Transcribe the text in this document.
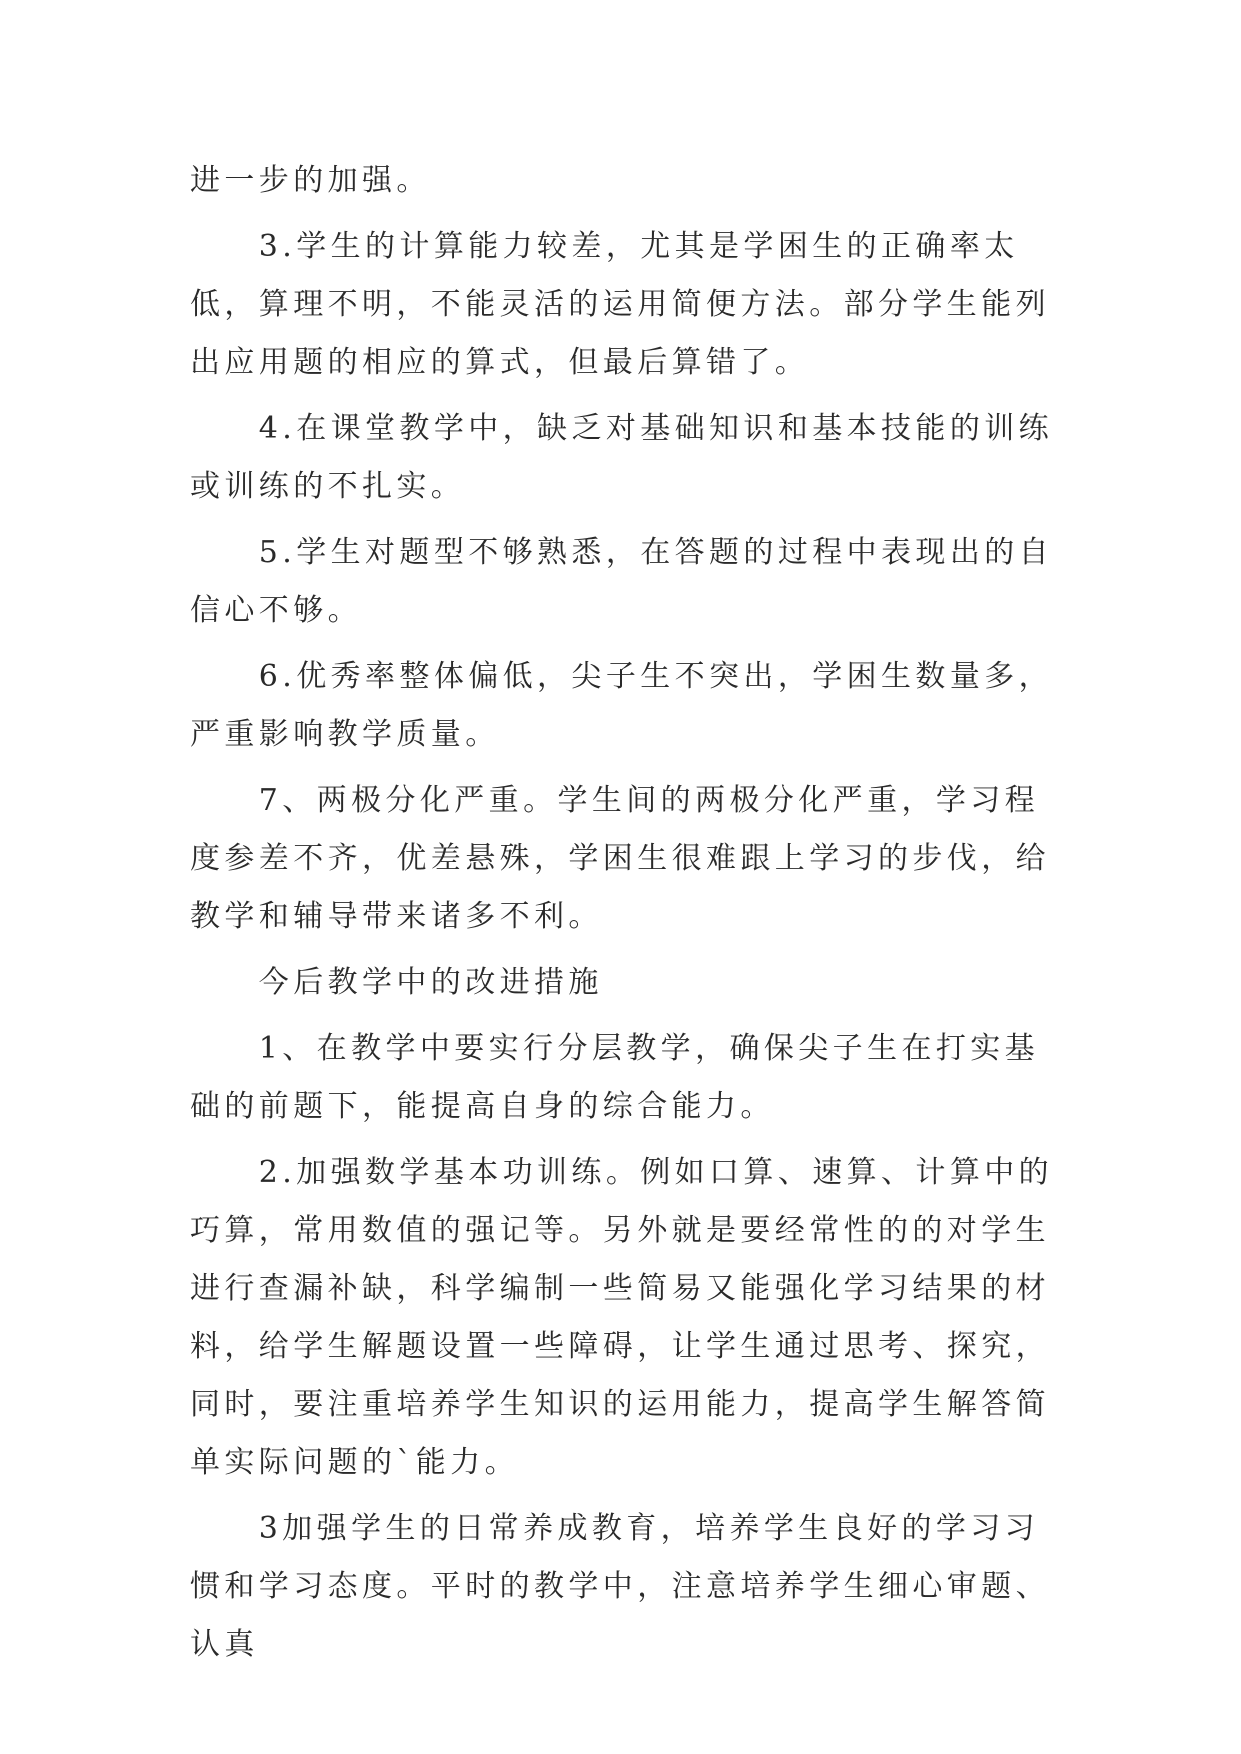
进一步的加强。

　　3.学生的计算能力较差，尤其是学困生的正确率太低，算理不明，不能灵活的运用简便方法。部分学生能列出应用题的相应的算式，但最后算错了。

　　4.在课堂教学中，缺乏对基础知识和基本技能的训练或训练的不扎实。

　　5.学生对题型不够熟悉，在答题的过程中表现出的自信心不够。

　　6.优秀率整体偏低，尖子生不突出，学困生数量多，严重影响教学质量。

　　7、两极分化严重。学生间的两极分化严重，学习程度参差不齐，优差悬殊，学困生很难跟上学习的步伐，给教学和辅导带来诸多不利。

　　今后教学中的改进措施

　　1、在教学中要实行分层教学，确保尖子生在打实基础的前题下，能提高自身的综合能力。

　　2.加强数学基本功训练。例如口算、速算、计算中的巧算，常用数值的强记等。另外就是要经常性的的对学生进行查漏补缺，科学编制一些简易又能强化学习结果的材料，给学生解题设置一些障碍，让学生通过思考、探究，同时，要注重培养学生知识的运用能力，提高学生解答简单实际问题的`能力。

　　3加强学生的日常养成教育，培养学生良好的学习习惯和学习态度。平时的教学中，注意培养学生细心审题、认真
